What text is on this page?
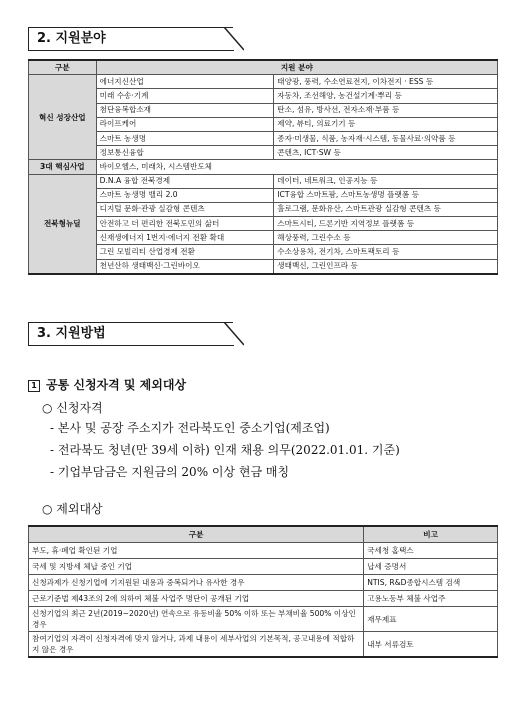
2. 지원분야
구분	지원 분야	
혁신 성장산업	에너지신산업	태양광, 풍력, 수소연료전지, 이차전지 · ESS 등
	미래 수송·기계	자동차, 조선해양, 농건설기계·뿌리 등
	첨단융복합소재	탄소, 섬유, 방사선, 전자소재·부품 등
	라이프케어	제약, 뷰티, 의료기기 등
	스마트 농생명	종자·미생물, 식품, 농자재·시스템, 동물사료·의약품 등
	정보통신융합	콘텐츠, ICT·SW 등
3대 핵심사업	바이오헬스, 미래차, 시스템반도체	
전북형뉴딜	D.N.A 융합 전북경제	데이터, 네트워크, 인공지능 등
	스마트 농생명 밸리 2.0	ICT융합 스마트팜, 스마트농생명 플랫폼 등
	디지털 문화·관광 실감형 콘텐츠	홀로그램, 문화유산, 스마트관광 실감형 콘텐츠 등
	안전하고 더 편리한 전북도민의 삶터	스마트시티, 드론기반 지역정보 플랫폼 등
	신재생에너지 1번지·에너지 전환 확대	해상풍력, 그린수소 등
	그린 모빌리티 산업경제 전환	수소상용차, 전기차, 스마트팩토리 등
	천년산하 생태백신·그린바이오	생태백신, 그린인프라 등
3. 지원방법
1 공통 신청자격 및 제외대상
○ 신청자격
- 본사 및 공장 주소지가 전라북도인 중소기업(제조업)
- 전라북도 청년(만 39세 이하) 인재 채용 의무(2022.01.01. 기준)
- 기업부담금은 지원금의 20% 이상 현금 매칭
○ 제외대상
구분	비고
부도, 휴·폐업 확인된 기업	국세청 홈택스
국세 및 지방세 체납 중인 기업	납세 증명서
신청과제가 신청기업에 기지원된 내용과 중복되거나 유사한 경우	NTIS, R&D종합시스템 검색
근로기준법 제43조의 2에 의하여 체불 사업주 명단이 공개된 기업	고용노동부 체불 사업주
신청기업의 최근 2년(2019~2020년) 연속으로 유동비율 50% 이하 또는 부채비율 500% 이상인 경우	재무제표
참여기업의 자격이 신청자격에 맞지 않거나, 과제 내용이 세부사업의 기본목적, 공고내용에 적합하지 않은 경우	내부 서류검토
